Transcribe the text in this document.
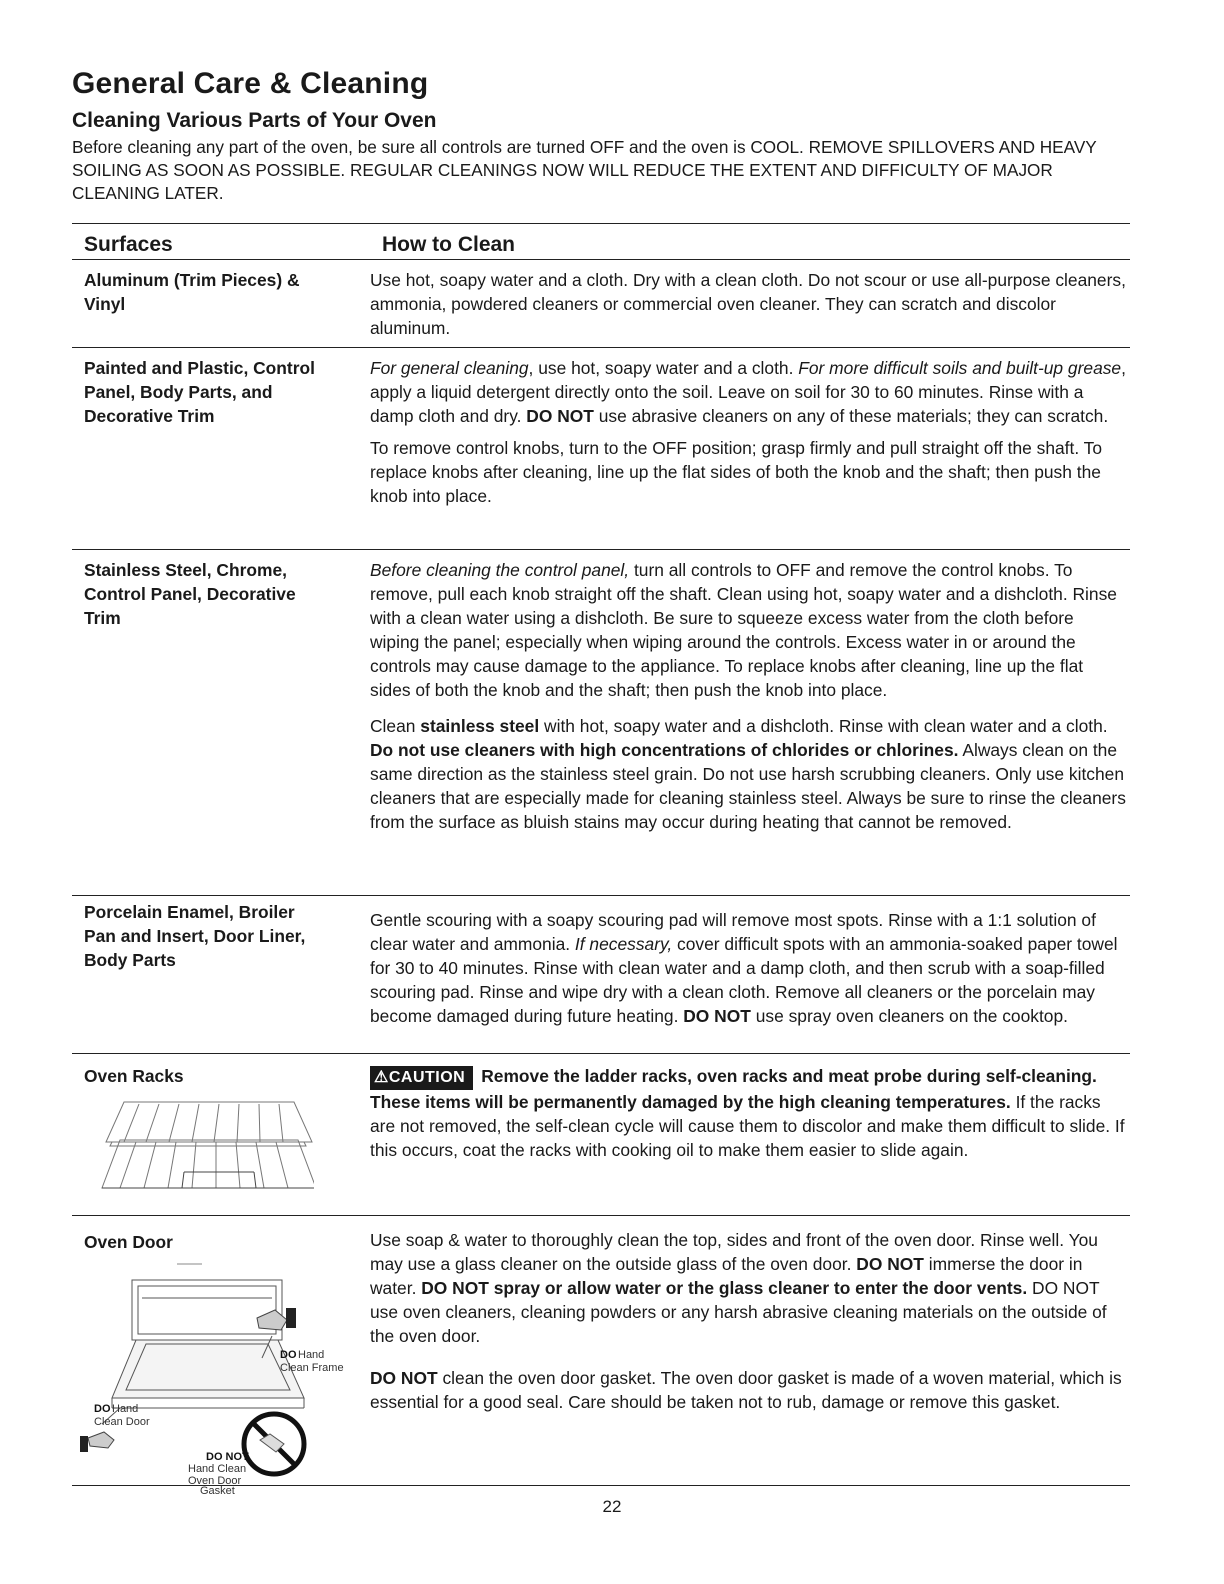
General Care & Cleaning
Cleaning Various Parts of Your Oven

Before cleaning any part of the oven, be sure all controls are turned OFF and the oven is COOL. REMOVE SPILLOVERS AND HEAVY SOILING AS SOON AS POSSIBLE. REGULAR CLEANINGS NOW WILL REDUCE THE EXTENT AND DIFFICULTY OF MAJOR CLEANING LATER.

Surfaces	How to Clean
Aluminum (Trim Pieces) & Vinyl

Use hot, soapy water and a cloth. Dry with a clean cloth. Do not scour or use all-purpose cleaners, ammonia, powdered cleaners or commercial oven cleaner. They can scratch and discolor aluminum.

Painted and Plastic, Control Panel, Body Parts, and Decorative Trim

For general cleaning, use hot, soapy water and a cloth. For more difficult soils and built-up grease, apply a liquid detergent directly onto the soil. Leave on soil for 30 to 60 minutes. Rinse with a damp cloth and dry. DO NOT use abrasive cleaners on any of these materials; they can scratch.

To remove control knobs, turn to the OFF position; grasp firmly and pull straight off the shaft. To replace knobs after cleaning, line up the flat sides of both the knob and the shaft; then push the knob into place.

Stainless Steel, Chrome, Control Panel, Decorative Trim

Before cleaning the control panel, turn all controls to OFF and remove the control knobs. To remove, pull each knob straight off the shaft. Clean using hot, soapy water and a dishcloth. Rinse with a clean water using a dishcloth. Be sure to squeeze excess water from the cloth before wiping the panel; especially when wiping around the controls. Excess water in or around the controls may cause damage to the appliance. To replace knobs after cleaning, line up the flat sides of both the knob and the shaft; then push the knob into place.

Clean stainless steel with hot, soapy water and a dishcloth. Rinse with clean water and a cloth. Do not use cleaners with high concentrations of chlorides or chlorines. Always clean on the same direction as the stainless steel grain. Do not use harsh scrubbing cleaners. Only use kitchen cleaners that are especially made for cleaning stainless steel. Always be sure to rinse the cleaners from the surface as bluish stains may occur during heating that cannot be removed.

Porcelain Enamel, Broiler Pan and Insert, Door Liner, Body Parts

Gentle scouring with a soapy scouring pad will remove most spots. Rinse with a 1:1 solution of clear water and ammonia. If necessary, cover difficult spots with an ammonia-soaked paper towel for 30 to 40 minutes. Rinse with clean water and a damp cloth, and then scrub with a soap-filled scouring pad. Rinse and wipe dry with a clean cloth. Remove all cleaners or the porcelain may become damaged during future heating. DO NOT use spray oven cleaners on the cooktop.

Oven Racks	⚠CAUTION Remove the ladder racks, oven racks and meat probe during self-cleaning. These items will be permanently damaged by the high cleaning temperatures. If the racks are not removed, the self-clean cycle will cause them to discolor and make them difficult to slide. If this occurs, coat the racks with cooking oil to make them easier to slide again.

Oven Door
DO Hand
Clean Frame
DO Hand
Clean Door
DO NOT
Hand Clean
Oven Door
Gasket

Use soap & water to thoroughly clean the top, sides and front of the oven door. Rinse well. You may use a glass cleaner on the outside glass of the oven door. DO NOT immerse the door in water. DO NOT spray or allow water or the glass cleaner to enter the door vents. DO NOT use oven cleaners, cleaning powders or any harsh abrasive cleaning materials on the outside of the oven door.

DO NOT clean the oven door gasket. The oven door gasket is made of a woven material, which is essential for a good seal. Care should be taken not to rub, damage or remove this gasket.

22
